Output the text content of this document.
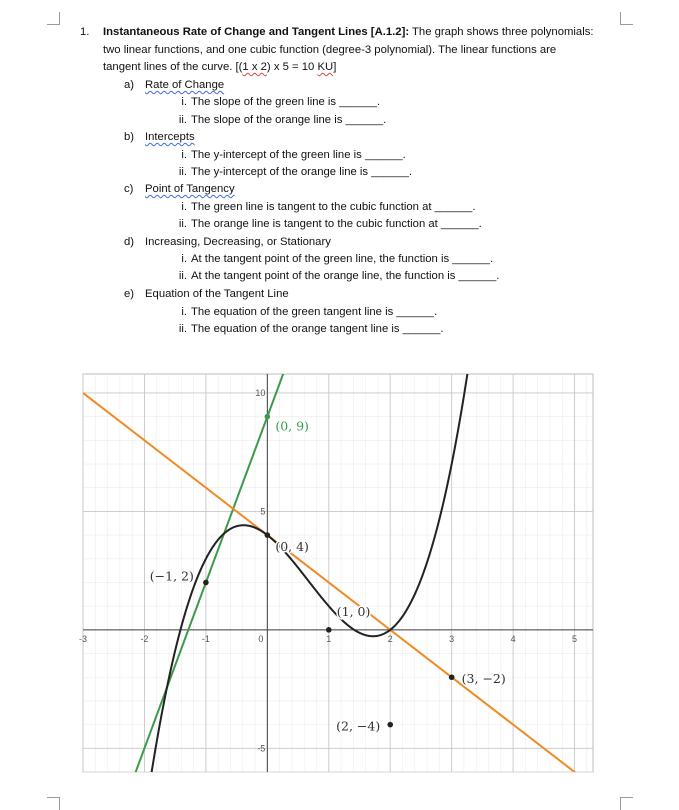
1. Instantaneous Rate of Change and Tangent Lines [A.1.2]: The graph shows three polynomials:
two linear functions, and one cubic function (degree-3 polynomial). The linear functions are
tangent lines of the curve. [(1 x 2) x 5 = 10 KU]
a) Rate of Change
i. The slope of the green line is ______.
ii. The slope of the orange line is ______.
b) Intercepts
i. The y-intercept of the green line is ______.
ii. The y-intercept of the orange line is ______.
c) Point of Tangency
i. The green line is tangent to the cubic function at ______.
ii. The orange line is tangent to the cubic function at ______.
d) Increasing, Decreasing, or Stationary
i. At the tangent point of the green line, the function is ______.
ii. At the tangent point of the orange line, the function is ______.
e) Equation of the Tangent Line
i. The equation of the green tangent line is ______.
ii. The equation of the orange tangent line is ______.
-3	-2	-1	0	1	2	3	4	5
10
5
-5
(0, 9)
(0, 4)
(−1, 2)
(1, 0)
(2, −4)
(3, −2)
